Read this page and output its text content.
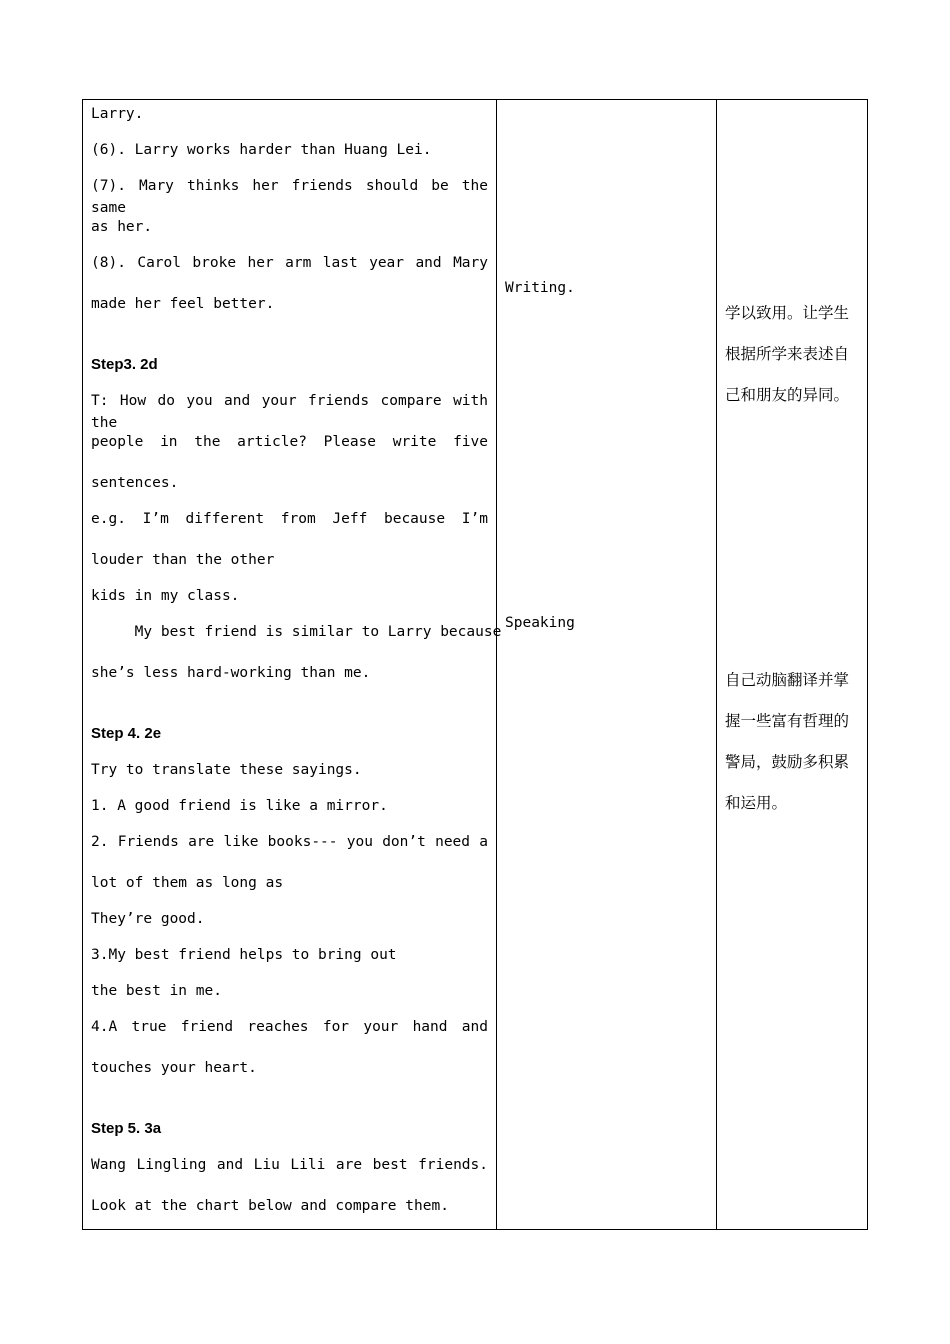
Larry.
(6). Larry works harder than Huang Lei.
(7). Mary thinks her friends should be the same
as her.
(8). Carol broke her arm last year and Mary
made her feel better.
Step3. 2d
T: How do you and your friends compare with the
people in the article? Please write five
sentences.
e.g. I’m different from Jeff because I’m
louder than the other
kids in my class.
My best friend is similar to Larry because
she’s less hard-working than me.
Step 4. 2e
Try to translate these sayings.
1. A good friend is like a mirror.
2. Friends are like books--- you don’t need a
lot of them as long as
They’re good.
3.My best friend helps to bring out
the best in me.
4.A true friend reaches for your hand and
touches your heart.
Step 5. 3a
Wang Lingling and Liu Lili are best friends.
Look at the chart below and compare them.
Writing.
Speaking
学以致用。让学生
根据所学来表述自
己和朋友的异同。
自己动脑翻译并掌
握一些富有哲理的
警局，鼓励多积累
和运用。
